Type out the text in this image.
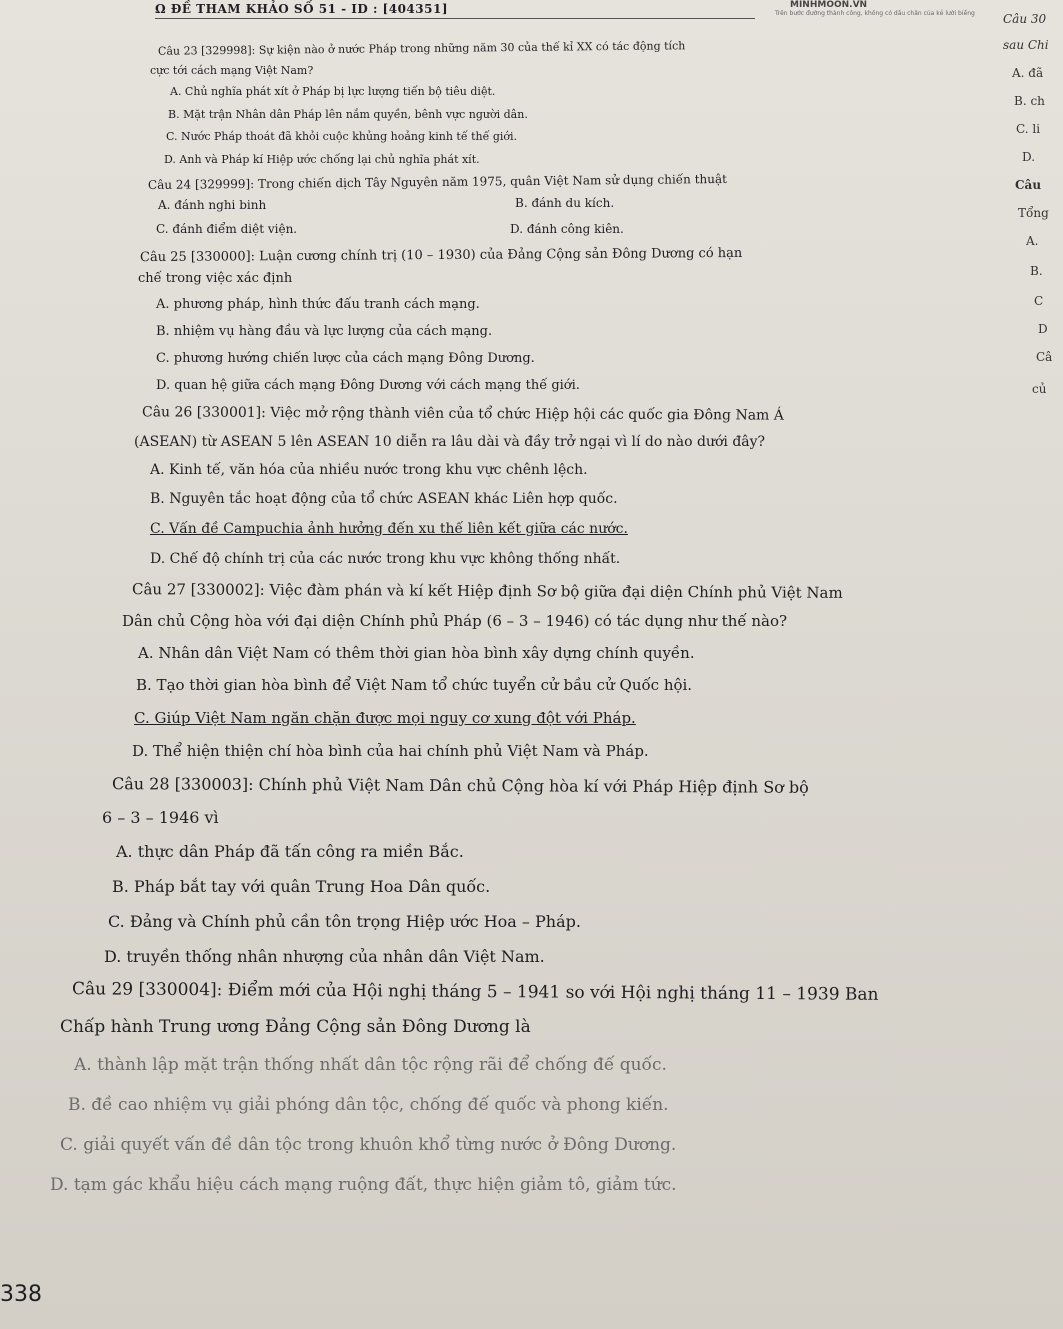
Ω ĐỀ THAM KHẢO SỐ 51 - ID : [404351]	MINHMOON.VN
Trên bước đường thành công, không có dấu chân của kẻ lười biếng
Câu 23 [329998]: Sự kiện nào ở nước Pháp trong những năm 30 của thế kỉ XX có tác động tích
cực tới cách mạng Việt Nam?
A. Chủ nghĩa phát xít ở Pháp bị lực lượng tiến bộ tiêu diệt.
B. Mặt trận Nhân dân Pháp lên nắm quyền, bênh vực người dân.
C. Nước Pháp thoát đã khỏi cuộc khủng hoảng kinh tế thế giới.
D. Anh và Pháp kí Hiệp ước chống lại chủ nghĩa phát xít.
Câu 24 [329999]: Trong chiến dịch Tây Nguyên năm 1975, quân Việt Nam sử dụng chiến thuật
A. đánh nghi binh	B. đánh du kích.
C. đánh điểm diệt viện.	D. đánh công kiên.
Câu 25 [330000]: Luận cương chính trị (10 – 1930) của Đảng Cộng sản Đông Dương có hạn
chế trong việc xác định
A. phương pháp, hình thức đấu tranh cách mạng.
B. nhiệm vụ hàng đầu và lực lượng của cách mạng.
C. phương hướng chiến lược của cách mạng Đông Dương.
D. quan hệ giữa cách mạng Đông Dương với cách mạng thế giới.
Câu 26 [330001]: Việc mở rộng thành viên của tổ chức Hiệp hội các quốc gia Đông Nam Á
(ASEAN) từ ASEAN 5 lên ASEAN 10 diễn ra lâu dài và đầy trở ngại vì lí do nào dưới đây?
A. Kinh tế, văn hóa của nhiều nước trong khu vực chênh lệch.
B. Nguyên tắc hoạt động của tổ chức ASEAN khác Liên hợp quốc.
C. Vấn đề Campuchia ảnh hưởng đến xu thế liên kết giữa các nước.
D. Chế độ chính trị của các nước trong khu vực không thống nhất.
Câu 27 [330002]: Việc đàm phán và kí kết Hiệp định Sơ bộ giữa đại diện Chính phủ Việt Nam
Dân chủ Cộng hòa với đại diện Chính phủ Pháp (6 – 3 – 1946) có tác dụng như thế nào?
A. Nhân dân Việt Nam có thêm thời gian hòa bình xây dựng chính quyền.
B. Tạo thời gian hòa bình để Việt Nam tổ chức tuyển cử bầu cử Quốc hội.
C. Giúp Việt Nam ngăn chặn được mọi nguy cơ xung đột với Pháp.
D. Thể hiện thiện chí hòa bình của hai chính phủ Việt Nam và Pháp.
Câu 28 [330003]: Chính phủ Việt Nam Dân chủ Cộng hòa kí với Pháp Hiệp định Sơ bộ
6 – 3 – 1946 vì
A. thực dân Pháp đã tấn công ra miền Bắc.
B. Pháp bắt tay với quân Trung Hoa Dân quốc.
C. Đảng và Chính phủ cần tôn trọng Hiệp ước Hoa – Pháp.
D. truyền thống nhân nhượng của nhân dân Việt Nam.
Câu 29 [330004]: Điểm mới của Hội nghị tháng 5 – 1941 so với Hội nghị tháng 11 – 1939 Ban
Chấp hành Trung ương Đảng Cộng sản Đông Dương là
A. thành lập mặt trận thống nhất dân tộc rộng rãi để chống đế quốc.
B. đề cao nhiệm vụ giải phóng dân tộc, chống đế quốc và phong kiến.
C. giải quyết vấn đề dân tộc trong khuôn khổ từng nước ở Đông Dương.
D. tạm gác khẩu hiệu cách mạng ruộng đất, thực hiện giảm tô, giảm tức.
Câu 30
sau Chi
A. đã
B. ch
C. li
D.
Câu
Tổng
A.
B.
C
D
Câ
củ
338
